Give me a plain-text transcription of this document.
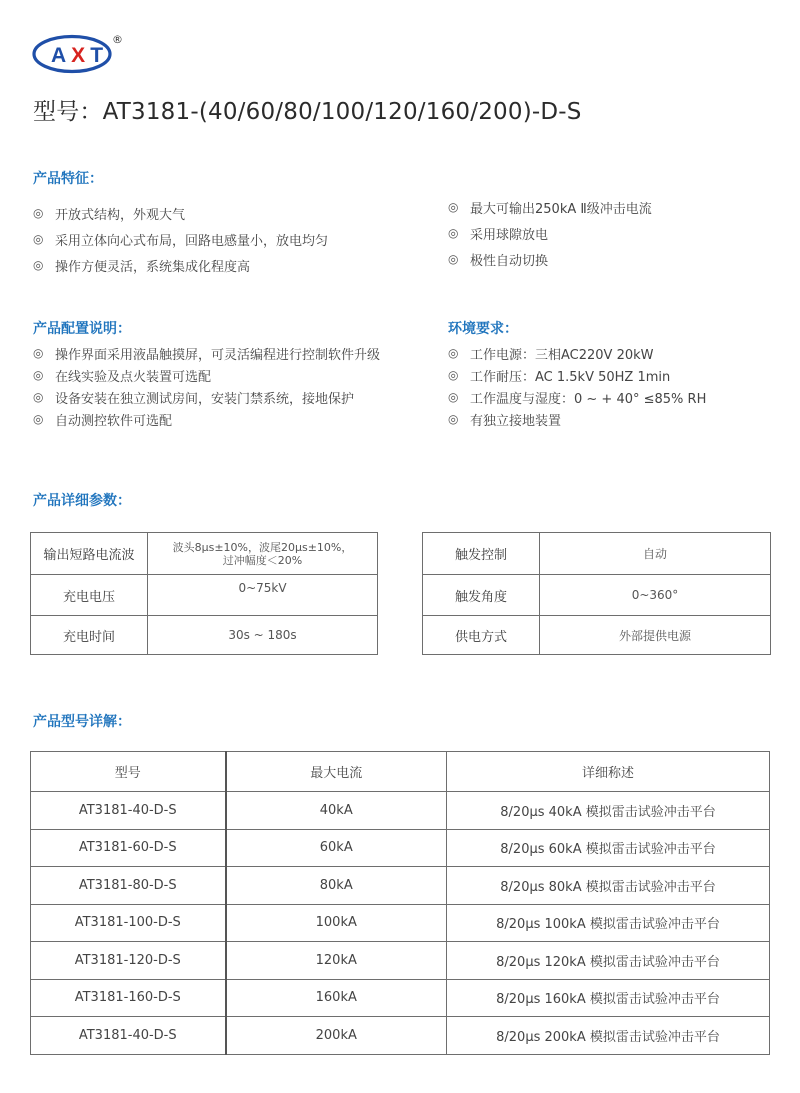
A X T
®
型号：AT3181-(40/60/80/100/120/160/200)-D-S
产品特征：
◎ 开放式结构，外观大气
◎ 采用立体向心式布局，回路电感量小，放电均匀
◎ 操作方便灵活，系统集成化程度高
◎ 最大可输出250kA Ⅱ级冲击电流
◎ 采用球隙放电
◎ 极性自动切换
产品配置说明：
◎ 操作界面采用液晶触摸屏，可灵活编程进行控制软件升级
◎ 在线实验及点火装置可选配
◎ 设备安装在独立测试房间，安装门禁系统，接地保护
◎ 自动测控软件可选配
环境要求：
◎ 工作电源：三相AC220V 20kW
◎ 工作耐压：AC 1.5kV 50HZ 1min
◎ 工作温度与湿度：0 ~ + 40° ≤85% RH
◎ 有独立接地装置
产品详细参数：
输出短路电流波	波头8μs±10%，波尾20μs±10%，
过冲幅度＜20%

充电电压	0~75kV
充电时间	30s ~ 180s
触发控制	自动
触发角度	0~360°
供电方式	外部提供电源
产品型号详解：
型号	最大电流	详细称述
AT3181-40-D-S	40kA	8/20μs 40kA 模拟雷击试验冲击平台
AT3181-60-D-S	60kA	8/20μs 60kA 模拟雷击试验冲击平台
AT3181-80-D-S	80kA	8/20μs 80kA 模拟雷击试验冲击平台
AT3181-100-D-S	100kA	8/20μs 100kA 模拟雷击试验冲击平台
AT3181-120-D-S	120kA	8/20μs 120kA 模拟雷击试验冲击平台
AT3181-160-D-S	160kA	8/20μs 160kA 模拟雷击试验冲击平台
AT3181-40-D-S	200kA	8/20μs 200kA 模拟雷击试验冲击平台
